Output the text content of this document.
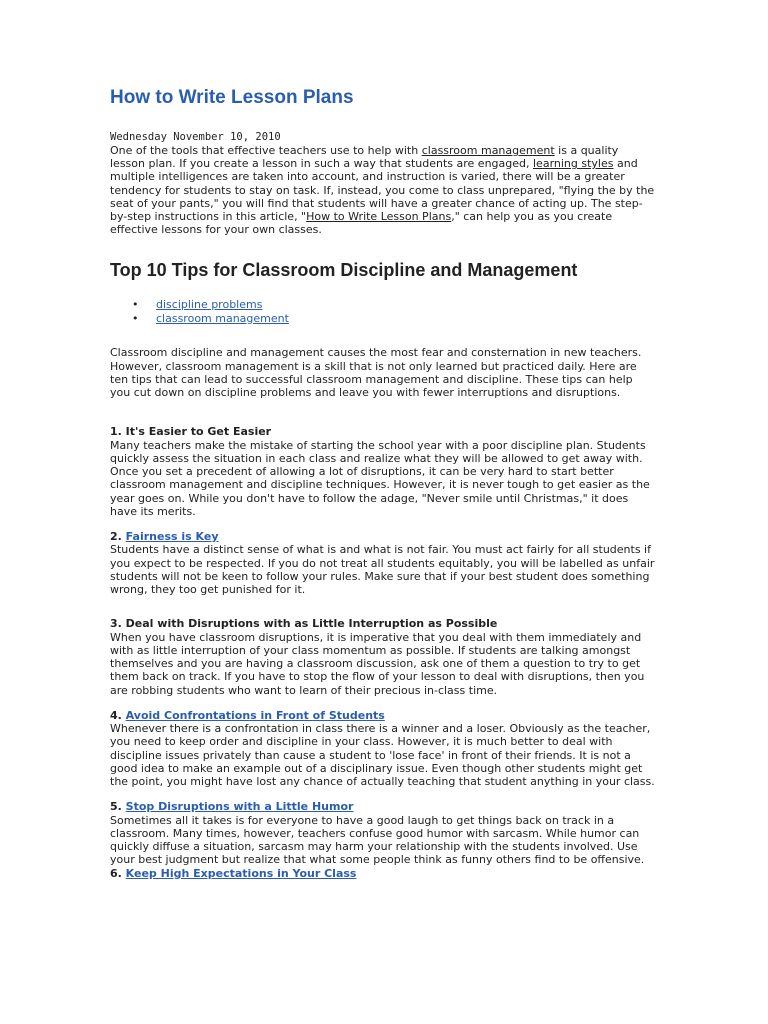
How to Write Lesson Plans
Wednesday November 10, 2010

One of the tools that effective teachers use to help with classroom management is a quality lesson plan. If you create a lesson in such a way that students are engaged, learning styles and multiple intelligences are taken into account, and instruction is varied, there will be a greater tendency for students to stay on task. If, instead, you come to class unprepared, "flying the by the seat of your pants," you will find that students will have a greater chance of acting up. The step-by-step instructions in this article, "How to Write Lesson Plans," can help you as you create effective lessons for your own classes.

Top 10 Tips for Classroom Discipline and Management
• discipline problems
• classroom management

Classroom discipline and management causes the most fear and consternation in new teachers. However, classroom management is a skill that is not only learned but practiced daily. Here are ten tips that can lead to successful classroom management and discipline. These tips can help you cut down on discipline problems and leave you with fewer interruptions and disruptions.

1. It's Easier to Get Easier

Many teachers make the mistake of starting the school year with a poor discipline plan. Students quickly assess the situation in each class and realize what they will be allowed to get away with. Once you set a precedent of allowing a lot of disruptions, it can be very hard to start better classroom management and discipline techniques. However, it is never tough to get easier as the year goes on. While you don't have to follow the adage, "Never smile until Christmas," it does have its merits.

2. Fairness is Key

Students have a distinct sense of what is and what is not fair. You must act fairly for all students if you expect to be respected. If you do not treat all students equitably, you will be labelled as unfair students will not be keen to follow your rules. Make sure that if your best student does something wrong, they too get punished for it.

3. Deal with Disruptions with as Little Interruption as Possible

When you have classroom disruptions, it is imperative that you deal with them immediately and with as little interruption of your class momentum as possible. If students are talking amongst themselves and you are having a classroom discussion, ask one of them a question to try to get them back on track. If you have to stop the flow of your lesson to deal with disruptions, then you are robbing students who want to learn of their precious in-class time.

4. Avoid Confrontations in Front of Students

Whenever there is a confrontation in class there is a winner and a loser. Obviously as the teacher, you need to keep order and discipline in your class. However, it is much better to deal with discipline issues privately than cause a student to 'lose face' in front of their friends. It is not a good idea to make an example out of a disciplinary issue. Even though other students might get the point, you might have lost any chance of actually teaching that student anything in your class.

5. Stop Disruptions with a Little Humor

Sometimes all it takes is for everyone to have a good laugh to get things back on track in a classroom. Many times, however, teachers confuse good humor with sarcasm. While humor can quickly diffuse a situation, sarcasm may harm your relationship with the students involved. Use your best judgment but realize that what some people think as funny others find to be offensive.

6. Keep High Expectations in Your Class
